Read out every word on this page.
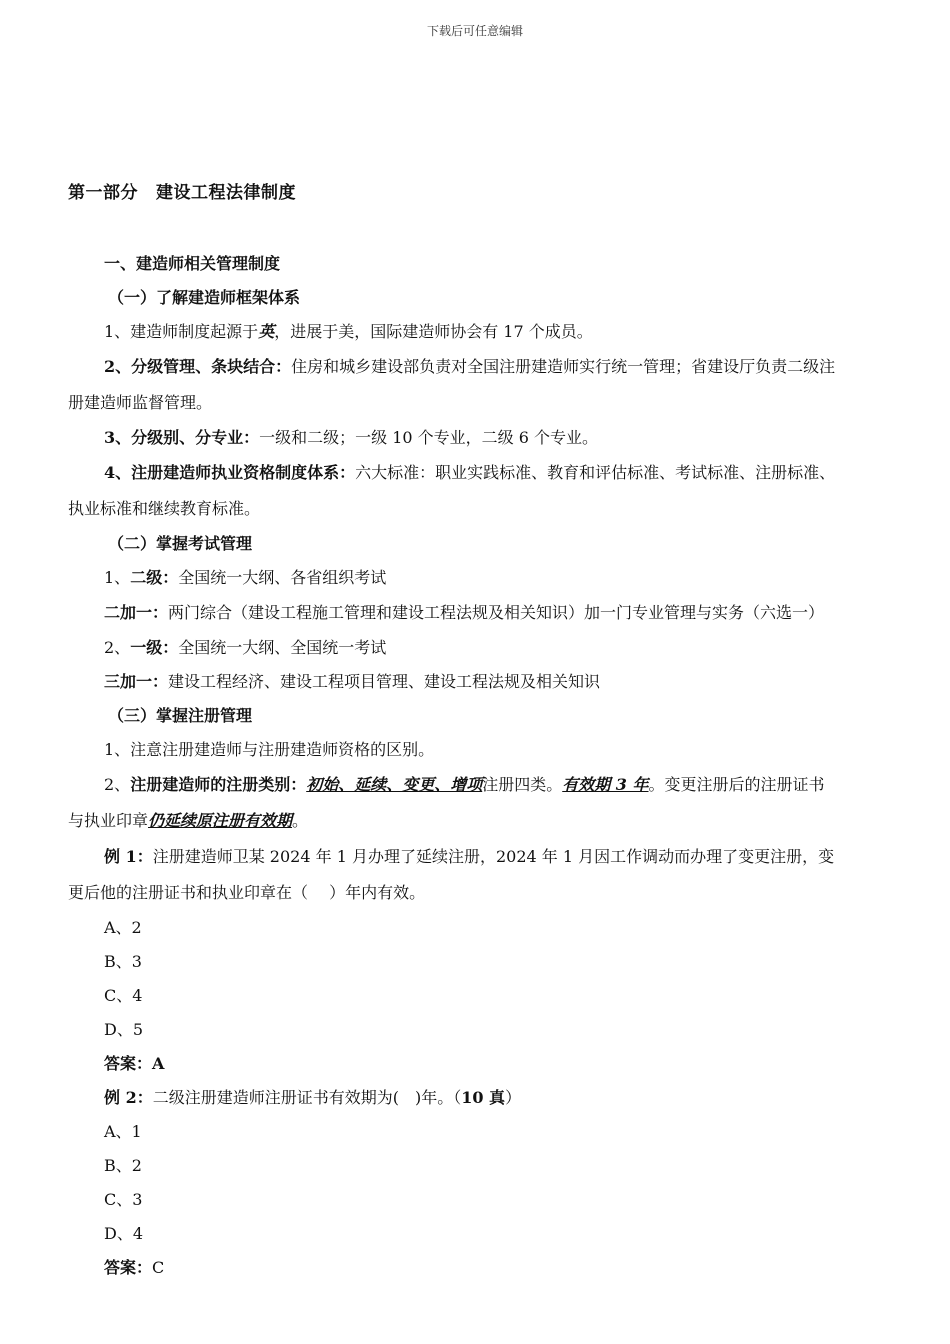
下载后可任意编辑
第一部分 建设工程法律制度
一、建造师相关管理制度
（一）了解建造师框架体系
1、建造师制度起源于英，进展于美，国际建造师协会有 17 个成员。
2、分级管理、条块结合：住房和城乡建设部负责对全国注册建造师实行统一管理；省建设厅负责二级注册建造师监督管理。
3、分级别、分专业：一级和二级；一级 10 个专业，二级 6 个专业。
4、注册建造师执业资格制度体系：六大标准：职业实践标准、教育和评估标准、考试标准、注册标准、执业标准和继续教育标准。
（二）掌握考试管理
1、二级：全国统一大纲、各省组织考试
二加一：两门综合（建设工程施工管理和建设工程法规及相关知识）加一门专业管理与实务（六选一）
2、一级：全国统一大纲、全国统一考试
三加一：建设工程经济、建设工程项目管理、建设工程法规及相关知识
（三）掌握注册管理
1、注意注册建造师与注册建造师资格的区别。
2、注册建造师的注册类别：初始、延续、变更、增项注册四类。有效期 3 年。变更注册后的注册证书与执业印章仍延续原注册有效期。
例 1：注册建造师卫某 2024 年 1 月办理了延续注册，2024 年 1 月因工作调动而办理了变更注册，变更后他的注册证书和执业印章在（　 ）年内有效。
A、2
B、3
C、4
D、5
答案：A
例 2：二级注册建造师注册证书有效期为(　)年。（10 真）
A、1
B、2
C、3
D、4
答案：C
